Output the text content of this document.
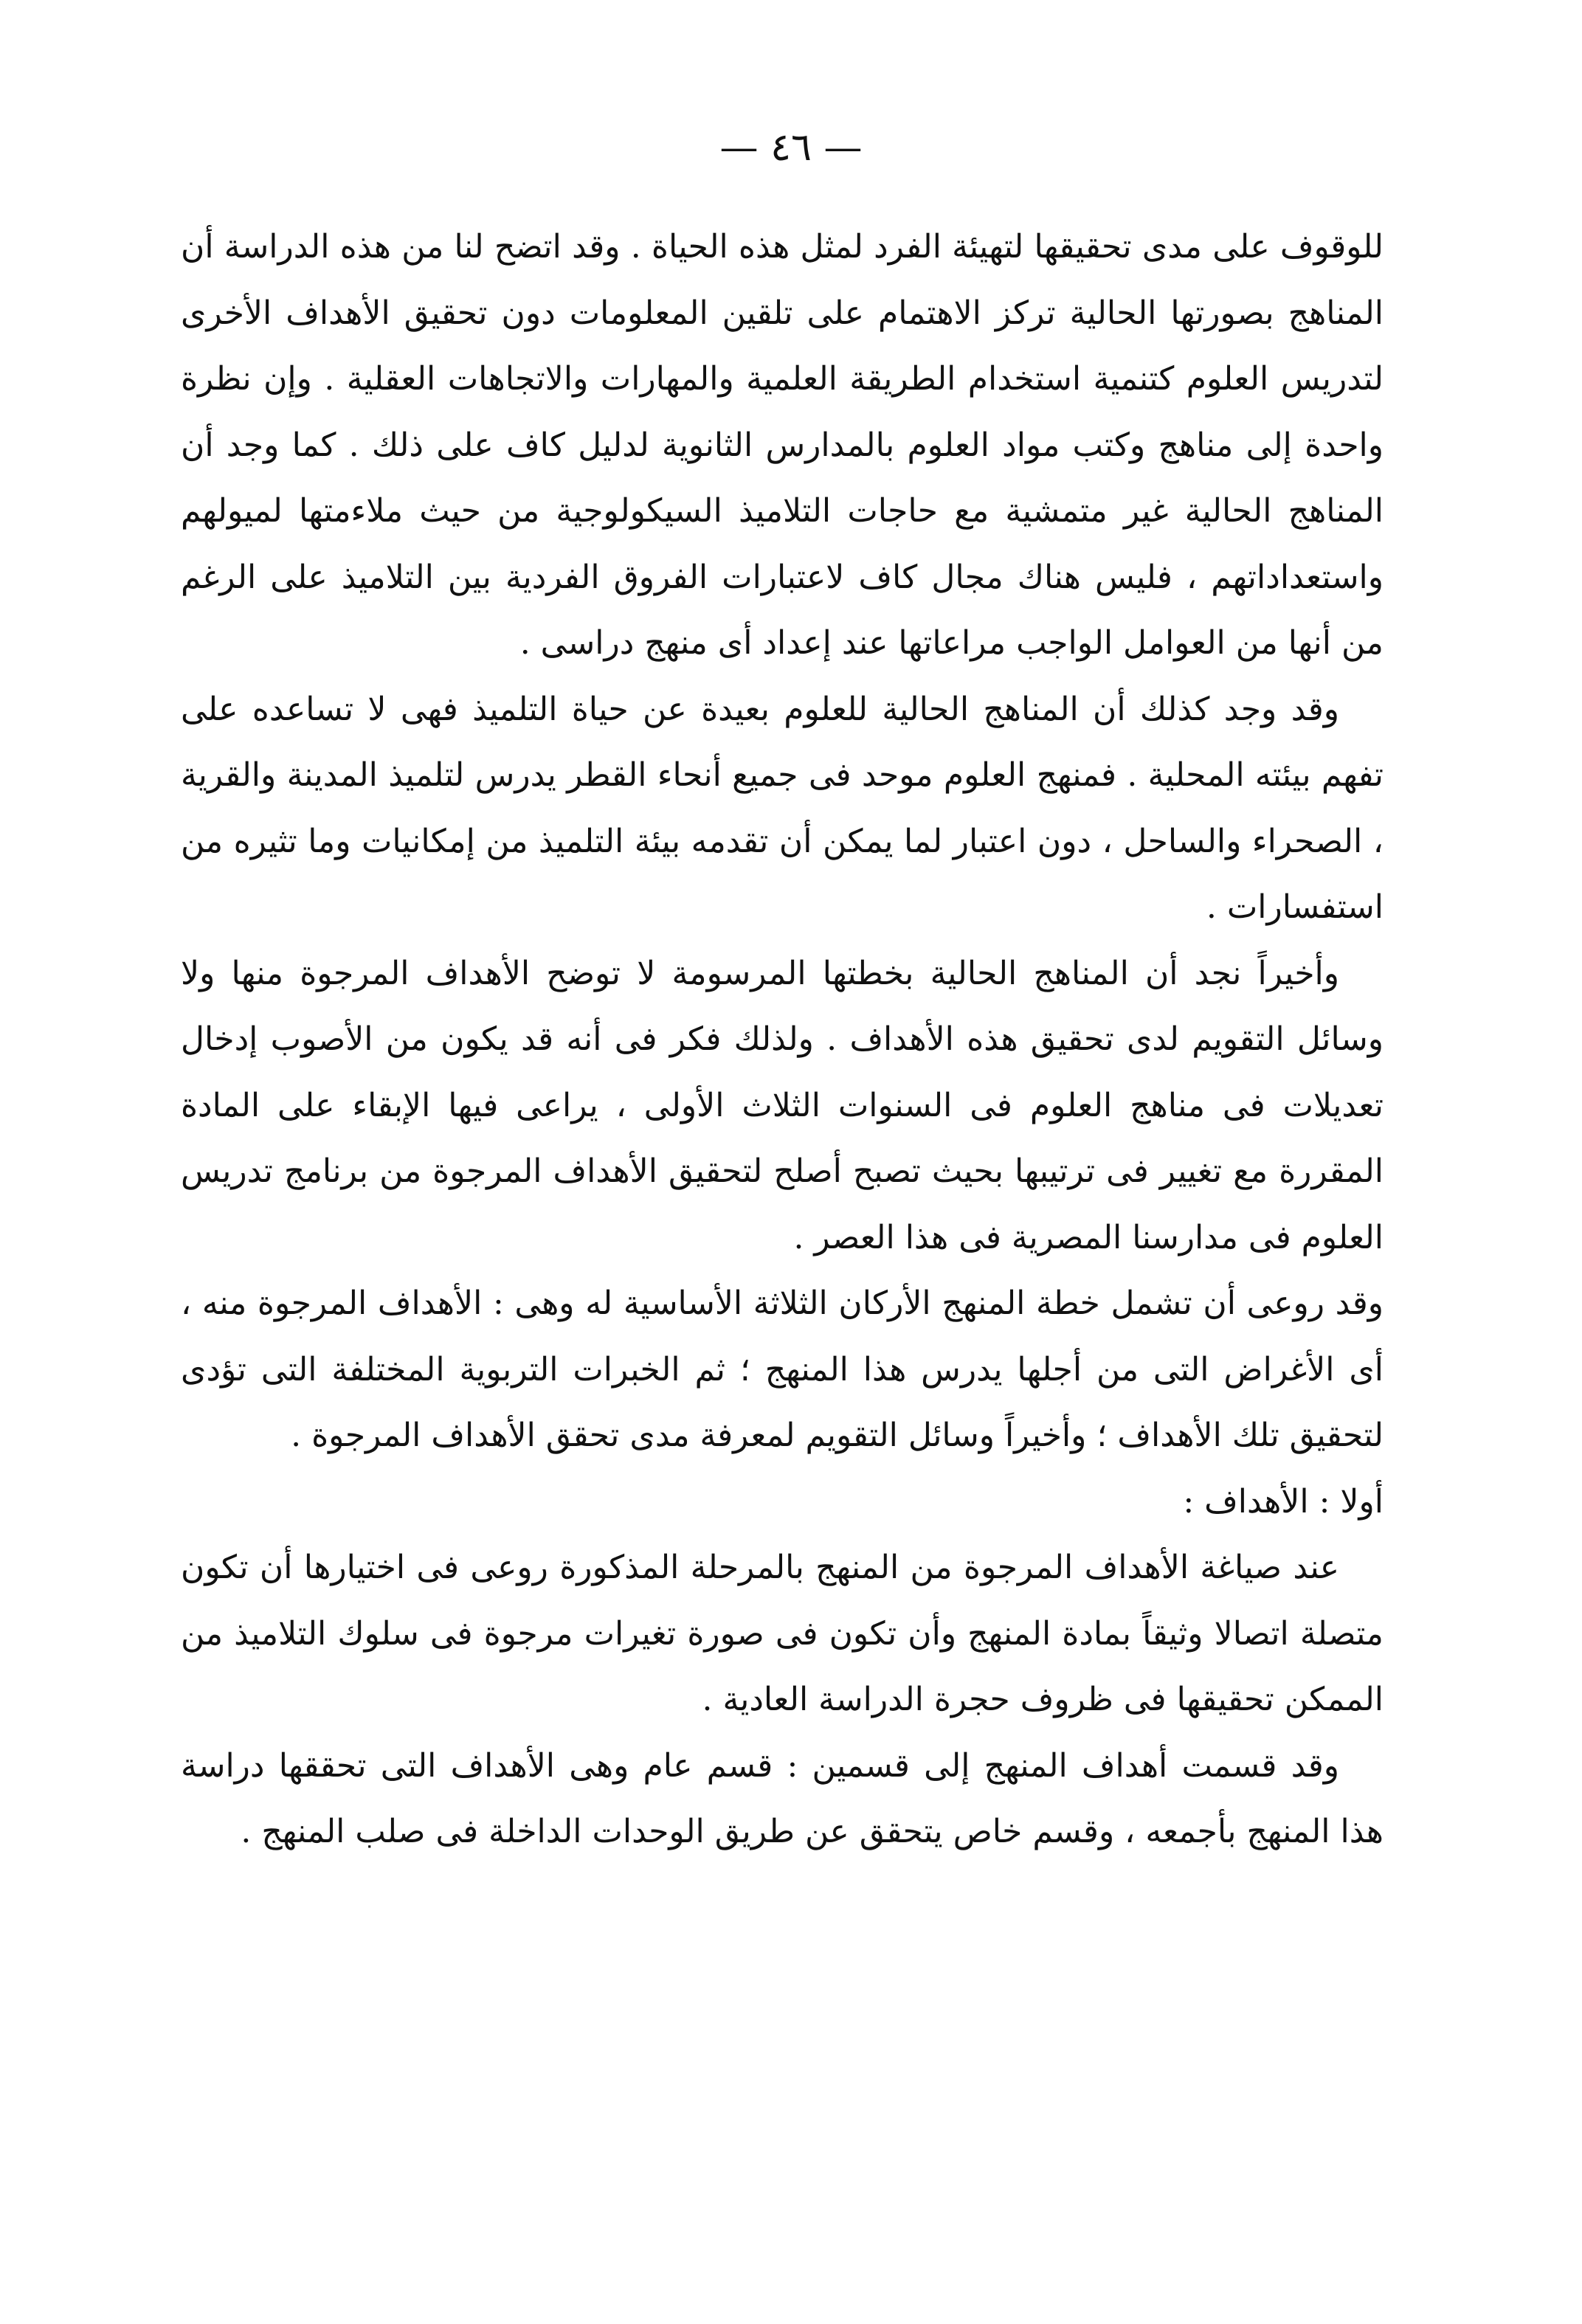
— ٤٦ —

للوقوف على مدى تحقيقها لتهيئة الفرد لمثل هذه الحياة . وقد اتضح لنا من هذه الدراسة أن المناهج بصورتها الحالية تركز الاهتمام على تلقين المعلومات دون تحقيق الأهداف الأخرى لتدريس العلوم كتنمية استخدام الطريقة العلمية والمهارات والاتجاهات العقلية . وإن نظرة واحدة إلى مناهج وكتب مواد العلوم بالمدارس الثانوية لدليل كاف على ذلك . كما وجد أن المناهج الحالية غير متمشية مع حاجات التلاميذ السيكولوجية من حيث ملاءمتها لميولهم واستعداداتهم ، فليس هناك مجال كاف لاعتبارات الفروق الفردية بين التلاميذ على الرغم من أنها من العوامل الواجب مراعاتها عند إعداد أى منهج دراسى .

وقد وجد كذلك أن المناهج الحالية للعلوم بعيدة عن حياة التلميذ فهى لا تساعده على تفهم بيئته المحلية . فمنهج العلوم موحد فى جميع أنحاء القطر يدرس لتلميذ المدينة والقرية ، الصحراء والساحل ، دون اعتبار لما يمكن أن تقدمه بيئة التلميذ من إمكانيات وما تثيره من استفسارات .

وأخيراً نجد أن المناهج الحالية بخطتها المرسومة لا توضح الأهداف المرجوة منها ولا وسائل التقويم لدى تحقيق هذه الأهداف . ولذلك فكر فى أنه قد يكون من الأصوب إدخال تعديلات فى مناهج العلوم فى السنوات الثلاث الأولى ، يراعى فيها الإبقاء على المادة المقررة مع تغيير فى ترتيبها بحيث تصبح أصلح لتحقيق الأهداف المرجوة من برنامج تدريس العلوم فى مدارسنا المصرية فى هذا العصر .

وقد روعى أن تشمل خطة المنهج الأركان الثلاثة الأساسية له وهى : الأهداف المرجوة منه ، أى الأغراض التى من أجلها يدرس هذا المنهج ؛ ثم الخبرات التربوية المختلفة التى تؤدى لتحقيق تلك الأهداف ؛ وأخيراً وسائل التقويم لمعرفة مدى تحقق الأهداف المرجوة .

أولا : الأهداف :

عند صياغة الأهداف المرجوة من المنهج بالمرحلة المذكورة روعى فى اختيارها أن تكون متصلة اتصالا وثيقاً بمادة المنهج وأن تكون فى صورة تغيرات مرجوة فى سلوك التلاميذ من الممكن تحقيقها فى ظروف حجرة الدراسة العادية .

وقد قسمت أهداف المنهج إلى قسمين : قسم عام وهى الأهداف التى تحققها دراسة هذا المنهج بأجمعه ، وقسم خاص يتحقق عن طريق الوحدات الداخلة فى صلب المنهج .
